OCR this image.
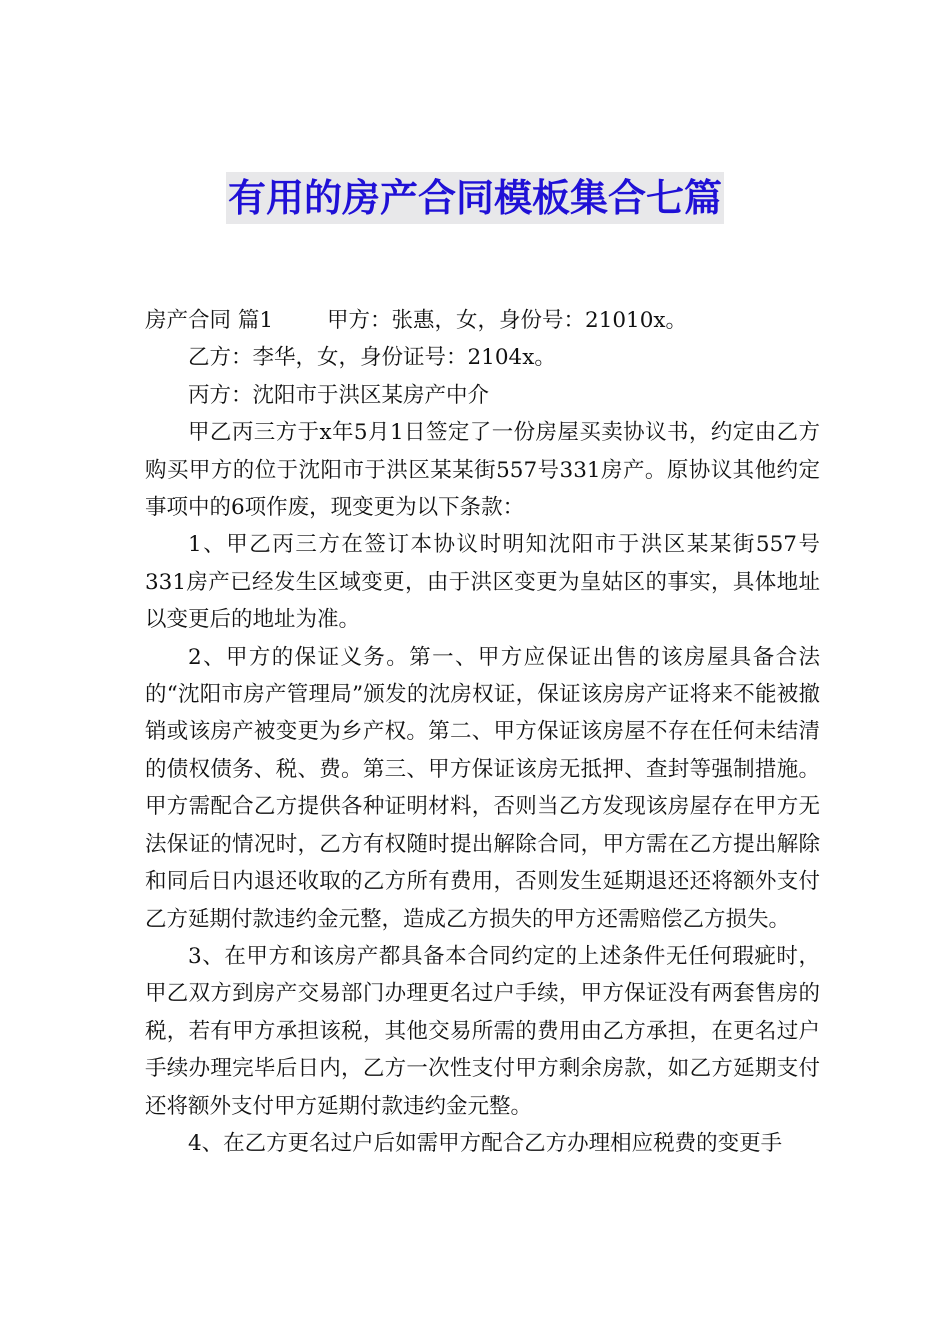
有用的房产合同模板集合七篇

房产合同 篇1	甲方：张惠，女，身份号：21010x。

乙方：李华，女，身份证号：2104x。

丙方：沈阳市于洪区某房产中介

甲乙丙三方于x年5月1日签定了一份房屋买卖协议书，约定由乙方购买甲方的位于沈阳市于洪区某某街557号331房产。原协议其他约定事项中的6项作废，现变更为以下条款：

1、甲乙丙三方在签订本协议时明知沈阳市于洪区某某街557号331房产已经发生区域变更，由于洪区变更为皇姑区的事实，具体地址以变更后的地址为准。

2、甲方的保证义务。第一、甲方应保证出售的该房屋具备合法的“沈阳市房产管理局”颁发的沈房权证，保证该房房产证将来不能被撤销或该房产被变更为乡产权。第二、甲方保证该房屋不存在任何未结清的债权债务、税、费。第三、甲方保证该房无抵押、查封等强制措施。甲方需配合乙方提供各种证明材料，否则当乙方发现该房屋存在甲方无法保证的情况时，乙方有权随时提出解除合同，甲方需在乙方提出解除和同后日内退还收取的乙方所有费用，否则发生延期退还还将额外支付乙方延期付款违约金元整，造成乙方损失的甲方还需赔偿乙方损失。

3、在甲方和该房产都具备本合同约定的上述条件无任何瑕疵时，甲乙双方到房产交易部门办理更名过户手续，甲方保证没有两套售房的税，若有甲方承担该税，其他交易所需的费用由乙方承担，在更名过户手续办理完毕后日内，乙方一次性支付甲方剩余房款，如乙方延期支付还将额外支付甲方延期付款违约金元整。

4、在乙方更名过户后如需甲方配合乙方办理相应税费的变更手
